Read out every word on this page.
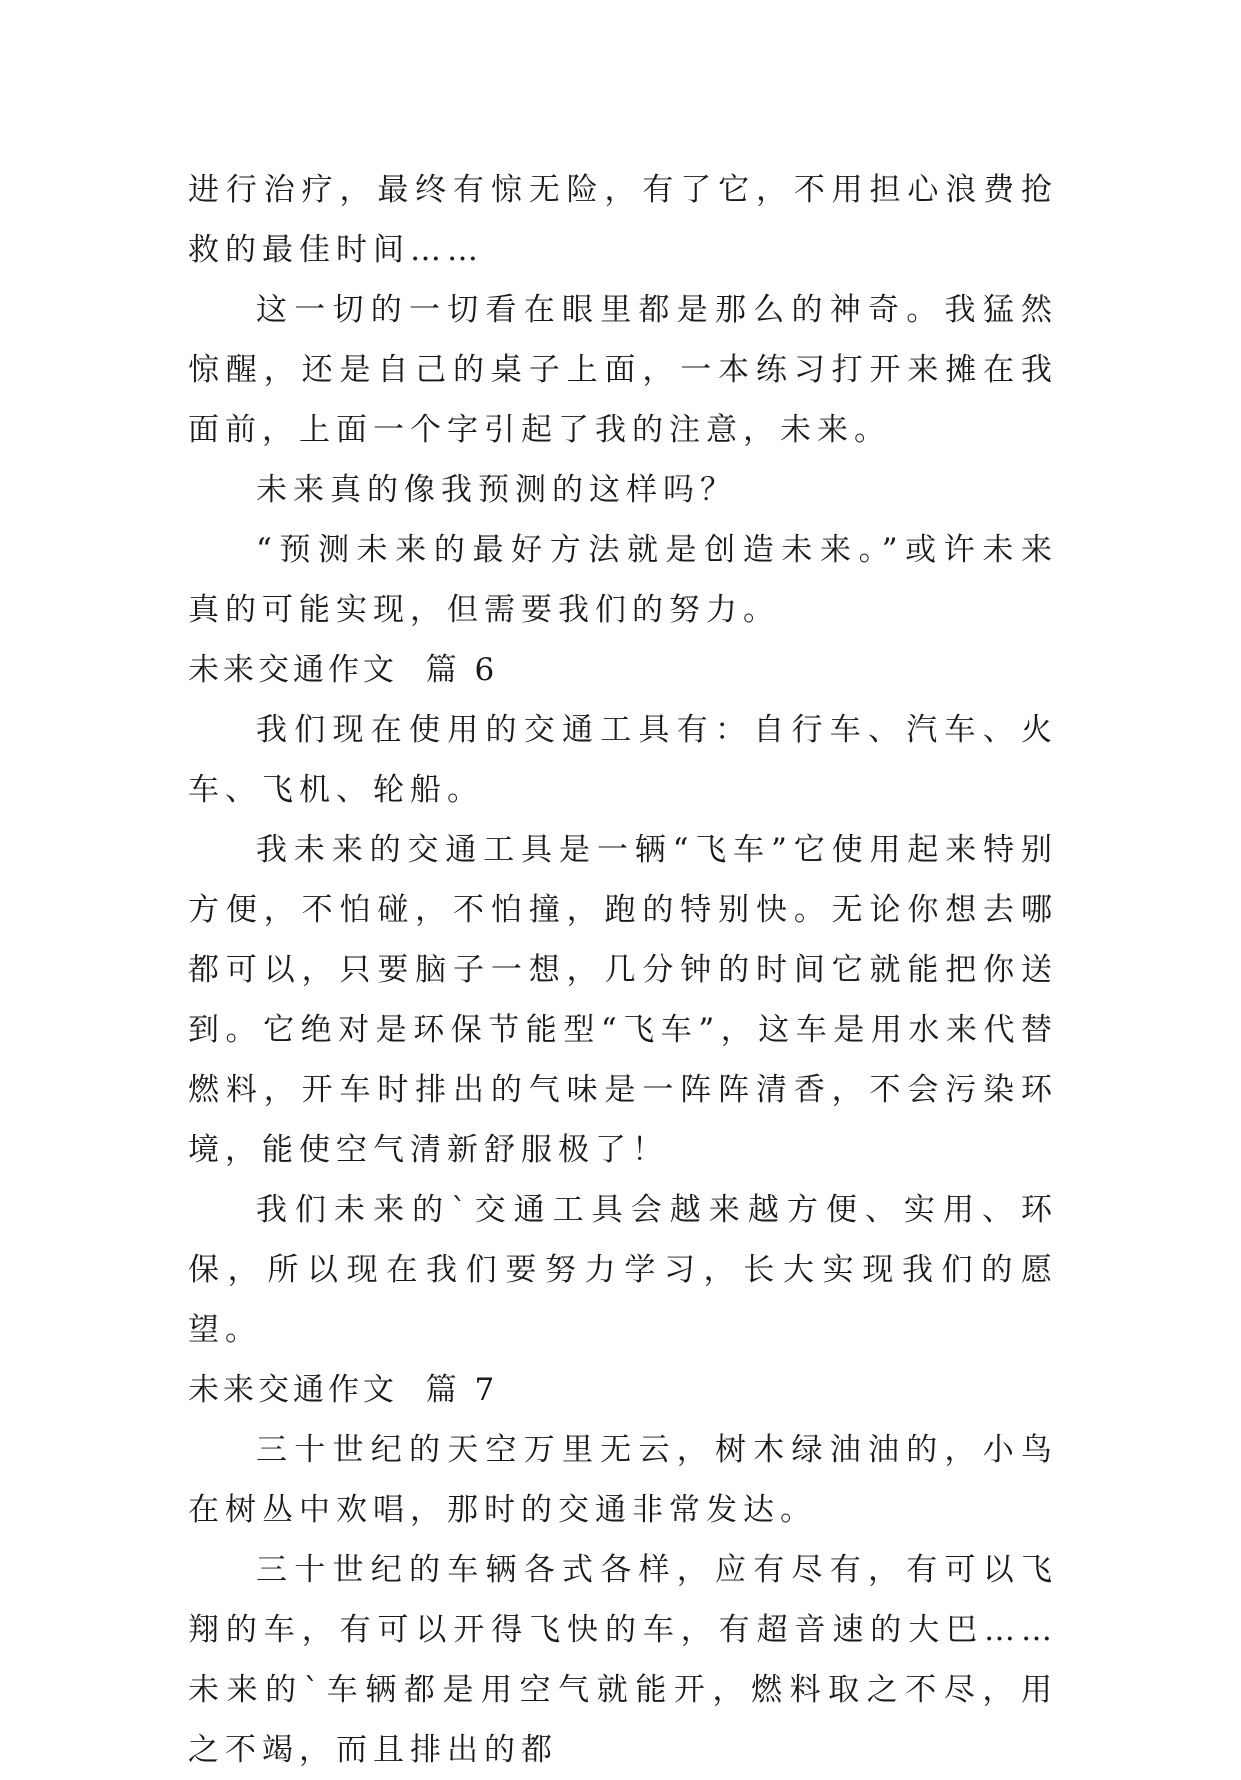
进行治疗，最终有惊无险，有了它，不用担心浪费抢救的最佳时间……

这一切的一切看在眼里都是那么的神奇。我猛然惊醒，还是自己的桌子上面，一本练习打开来摊在我面前，上面一个字引起了我的注意，未来。

未来真的像我预测的这样吗？

“预测未来的最好方法就是创造未来。”或许未来真的可能实现，但需要我们的努力。

未来交通作文  篇 6

我们现在使用的交通工具有：自行车、汽车、火车、飞机、轮船。

我未来的交通工具是一辆“飞车”它使用起来特别方便，不怕碰，不怕撞，跑的特别快。无论你想去哪都可以，只要脑子一想，几分钟的时间它就能把你送到。它绝对是环保节能型“飞车”，这车是用水来代替燃料，开车时排出的气味是一阵阵清香，不会污染环境，能使空气清新舒服极了！

我们未来的`交通工具会越来越方便、实用、环保，所以现在我们要努力学习，长大实现我们的愿望。

未来交通作文  篇 7

三十世纪的天空万里无云，树木绿油油的，小鸟在树丛中欢唱，那时的交通非常发达。

三十世纪的车辆各式各样，应有尽有，有可以飞翔的车，有可以开得飞快的车，有超音速的大巴……未来的`车辆都是用空气就能开，燃料取之不尽，用之不竭，而且排出的都
